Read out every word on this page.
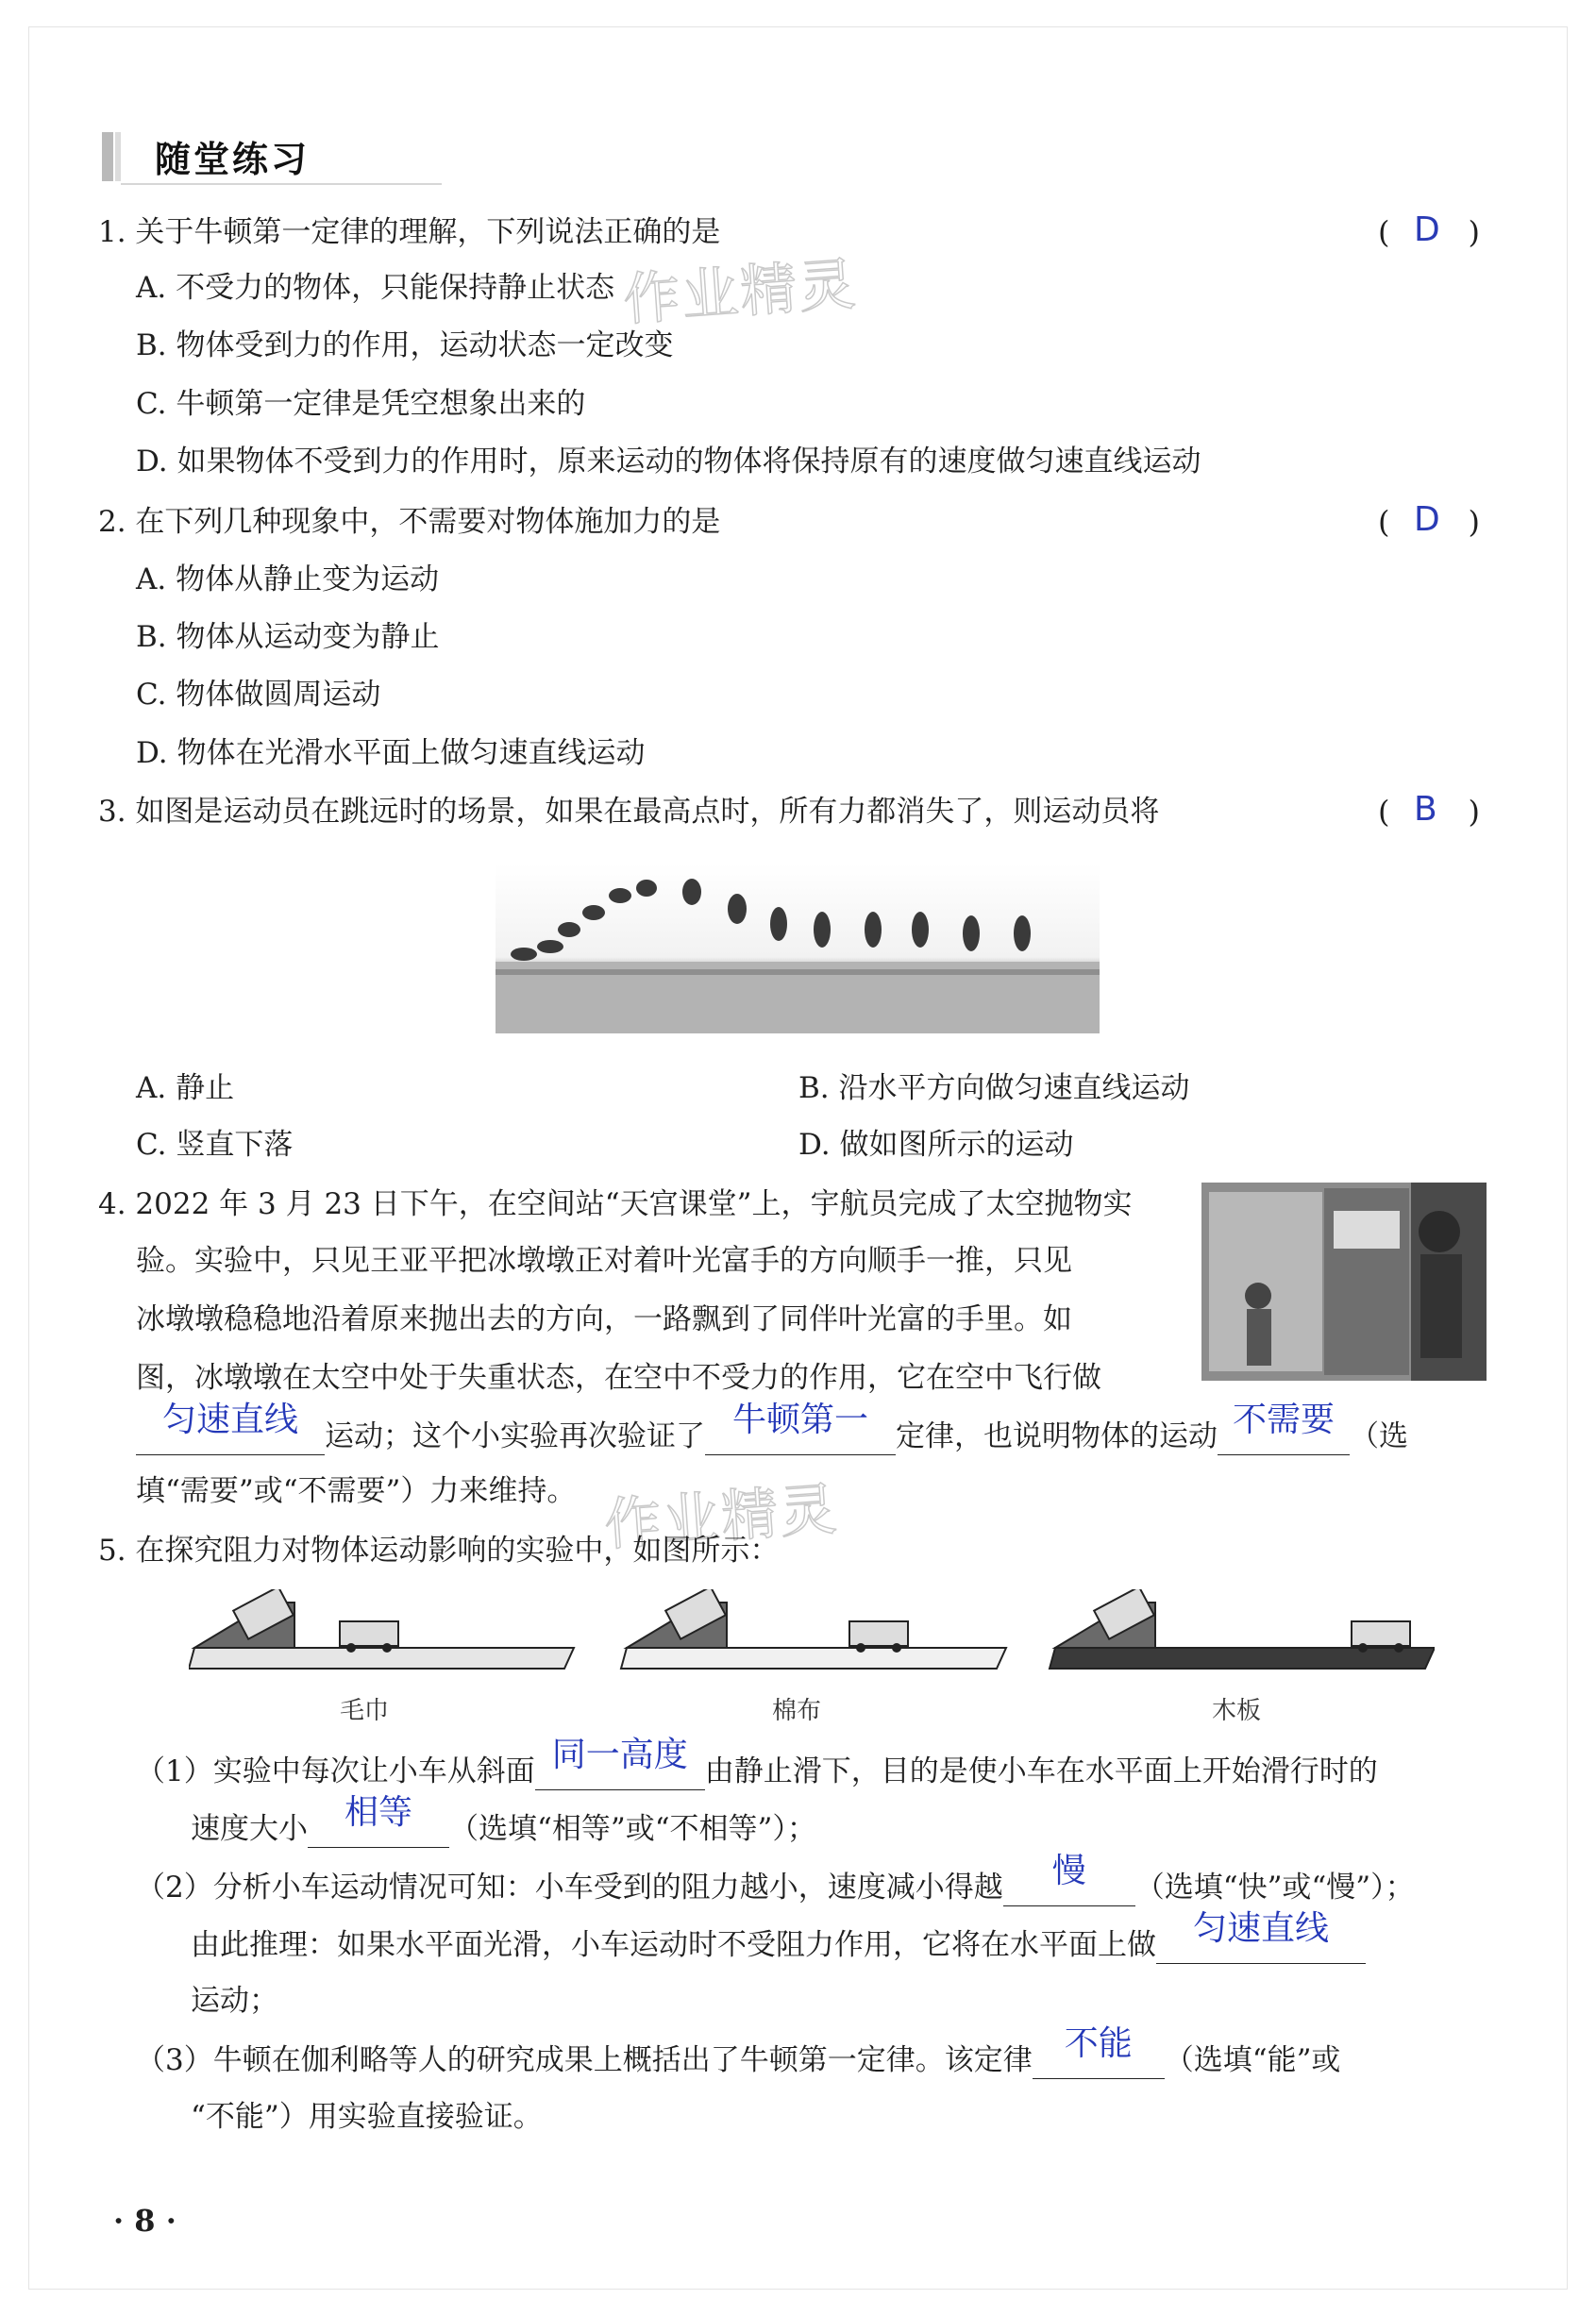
随堂练习
1. 关于牛顿第一定律的理解，下列说法正确的是	( D )
A. 不受力的物体，只能保持静止状态 作业精灵
B. 物体受到力的作用，运动状态一定改变
C. 牛顿第一定律是凭空想象出来的
D. 如果物体不受到力的作用时，原来运动的物体将保持原有的速度做匀速直线运动
2. 在下列几种现象中，不需要对物体施加力的是	( D )
A. 物体从静止变为运动
B. 物体从运动变为静止
C. 物体做圆周运动
D. 物体在光滑水平面上做匀速直线运动
3. 如图是运动员在跳远时的场景，如果在最高点时，所有力都消失了，则运动员将	( B )
A. 静止	B. 沿水平方向做匀速直线运动
C. 竖直下落	D. 做如图所示的运动
4. 2022 年 3 月 23 日下午，在空间站“天宫课堂”上，宇航员完成了太空抛物实
验。实验中，只见王亚平把冰墩墩正对着叶光富手的方向顺手一推，只见
冰墩墩稳稳地沿着原来抛出去的方向，一路飘到了同伴叶光富的手里。如
图，冰墩墩在太空中处于失重状态，在空中不受力的作用，它在空中飞行做
匀速直线 运动；这个小实验再次验证了 牛顿第一 定律，也说明物体的运动 不需要 （选
填“需要”或“不需要”）力来维持。 作业精灵
5. 在探究阻力对物体运动影响的实验中，如图所示：
毛巾	棉布	木板
（1）实验中每次让小车从斜面 同一高度 由静止滑下，目的是使小车在水平面上开始滑行时的
速度大小	相等	（选填“相等”或“不相等”）；
（2）分析小车运动情况可知：小车受到的阻力越小，速度减小得越	慢	（选填“快”或“慢”）；
由此推理：如果水平面光滑，小车运动时不受阻力作用，它将在水平面上做	匀速直线
运动；
（3）牛顿在伽利略等人的研究成果上概括出了牛顿第一定律。该定律 不能	（选填“能”或
“不能”）用实验直接验证。
· 8 ·
